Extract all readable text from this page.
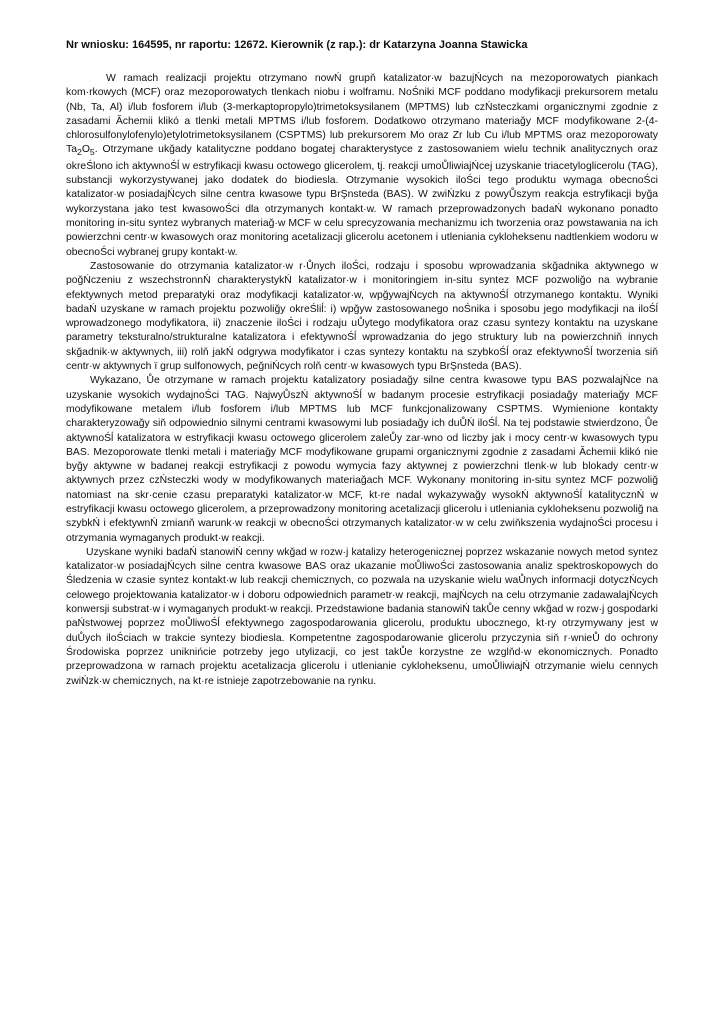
Nr wniosku: 164595, nr raportu: 12672. Kierownik (z rap.): dr Katarzyna Joanna Stawicka

W ramach realizacji projektu otrzymano nowŃ grupň katalizator·w bazujŃcych na mezoporowatych piankach kom·rkowych (MCF) oraz mezoporowatych tlenkach niobu i wolframu. NoŚniki MCF poddano modyfikacji prekursorem metalu (Nb, Ta, Al) i/lub fosforem i/lub (3-merkaptopropylo)trimetoksysilanem (MPTMS) lub czŃsteczkami organicznymi zgodnie z zasadami Ăchemii klikó a tlenki metali MPTMS i/lub fosforem. Dodatkowo otrzymano materiağy MCF modyfikowane 2-(4-chlorosulfonylofenylo)etylotrimetoksysilanem (CSPTMS) lub prekursorem Mo oraz Zr lub Cu i/lub MPTMS oraz mezoporowaty $Ta_2O_5$. Otrzymane ukğady katalityczne poddano bogatej charakterystyce z zastosowaniem wielu technik analitycznych oraz okreŚlono ich aktywnoŚĺ w estryfikacji kwasu octowego glicerolem, tj. reakcji umoŮliwiajŃcej uzyskanie triacetyloglicerolu (TAG), substancji wykorzystywanej jako dodatek do biodiesla. Otrzymanie wysokich iloŚci tego produktu wymaga obecnoŚci katalizator·w posiadajŃcych silne centra kwasowe typu BrŞnsteda (BAS). W zwiŃzku z powyŮszym reakcja estryfikacji byğa wykorzystana jako test kwasowoŚci dla otrzymanych kontakt·w. W ramach przeprowadzonych badaŃ wykonano ponadto monitoring in-situ syntez wybranych materiağ·w MCF w celu sprecyzowania mechanizmu ich tworzenia oraz powstawania na ich powierzchni centr·w kwasowych oraz monitoring acetalizacji glicerolu acetonem i utleniania cykloheksenu nadtlenkiem wodoru w obecnoŚci wybranej grupy kontakt·w.

Zastosowanie do otrzymania katalizator·w r·Ůnych iloŚci, rodzaju i sposobu wprowadzania skğadnika aktywnego w poğŃczeniu z wszechstronnŃ charakterystykŃ katalizator·w i monitoringiem in-situ syntez MCF pozwoliğo na wybranie efektywnych metod preparatyki oraz modyfikacji katalizator·w, wpğywajŃcych na aktywnoŚĺ otrzymanego kontaktu. Wyniki badaŃ uzyskane w ramach projektu pozwoliğy okreŚliĺ: i) wpğyw zastosowanego noŚnika i sposobu jego modyfikacji na iloŚĺ wprowadzonego modyfikatora, ii) znaczenie iloŚci i rodzaju uŮytego modyfikatora oraz czasu syntezy kontaktu na uzyskane parametry teksturalno/strukturalne katalizatora i efektywnoŚĺ wprowadzania do jego struktury lub na powierzchniň innych skğadnik·w aktywnych, iii) rolň jakŃ odgrywa modyfikator i czas syntezy kontaktu na szybkoŚĺ oraz efektywnoŚĺ tworzenia siň centr·w aktywnych ï grup sulfonowych, peğniŃcych rolň centr·w kwasowych typu BrŞnsteda (BAS).

Wykazano, Ůe otrzymane w ramach projektu katalizatory posiadağy silne centra kwasowe typu BAS pozwalajŃce na uzyskanie wysokich wydajnoŚci TAG. NajwyŮszŃ aktywnoŚĺ w badanym procesie estryfikacji posiadağy materiağy MCF modyfikowane metalem i/lub fosforem i/lub MPTMS lub MCF funkcjonalizowany CSPTMS. Wymienione kontakty charakteryzowağy siň odpowiednio silnymi centrami kwasowymi lub posiadağy ich duŮŃ iloŚĺ. Na tej podstawie stwierdzono, Ůe aktywnoŚĺ katalizatora w estryfikacji kwasu octowego glicerolem zaleŮy zar·wno od liczby jak i mocy centr·w kwasowych typu BAS. Mezoporowate tlenki metali i materiağy MCF modyfikowane grupami organicznymi zgodnie z zasadami Ăchemii klikó nie byğy aktywne w badanej reakcji estryfikacji z powodu wymycia fazy aktywnej z powierzchni tlenk·w lub blokady centr·w aktywnych przez czŃsteczki wody w modyfikowanych materiağach MCF. Wykonany monitoring in-situ syntez MCF pozwoliğ natomiast na skr·cenie czasu preparatyki katalizator·w MCF, kt·re nadal wykazywağy wysokŃ aktywnoŚĺ katalitycznŃ w estryfikacji kwasu octowego glicerolem, a przeprowadzony monitoring acetalizacji glicerolu i utleniania cykloheksenu pozwoliğ na szybkŃ i efektywnŃ zmianň warunk·w reakcji w obecnoŚci otrzymanych katalizator·w w celu zwiňkszenia wydajnoŚci procesu i otrzymania wymaganych produkt·w reakcji.

Uzyskane wyniki badaŃ stanowiŃ cenny wkğad w rozw·j katalizy heterogenicznej poprzez wskazanie nowych metod syntez katalizator·w posiadajŃcych silne centra kwasowe BAS oraz ukazanie moŮliwoŚci zastosowania analiz spektroskopowych do Śledzenia w czasie syntez kontakt·w lub reakcji chemicznych, co pozwala na uzyskanie wielu waŮnych informacji dotyczŃcych celowego projektowania katalizator·w i doboru odpowiednich parametr·w reakcji, majŃcych na celu otrzymanie zadawalajŃcych konwersji substrat·w i wymaganych produkt·w reakcji. Przedstawione badania stanowiŃ takŮe cenny wkğad w rozw·j gospodarki paŃstwowej poprzez moŮliwoŚĺ efektywnego zagospodarowania glicerolu, produktu ubocznego, kt·ry otrzymywany jest w duŮych iloŚciach w trakcie syntezy biodiesla. Kompetentne zagospodarowanie glicerolu przyczynia siň r·wnieŮ do ochrony Środowiska poprzez uniknińcie potrzeby jego utylizacji, co jest takŮe korzystne ze wzglňd·w ekonomicznych. Ponadto przeprowadzona w ramach projektu acetalizacja glicerolu i utlenianie cykloheksenu, umoŮliwiajŃ otrzymanie wielu cennych zwiŃzk·w chemicznych, na kt·re istnieje zapotrzebowanie na rynku.
